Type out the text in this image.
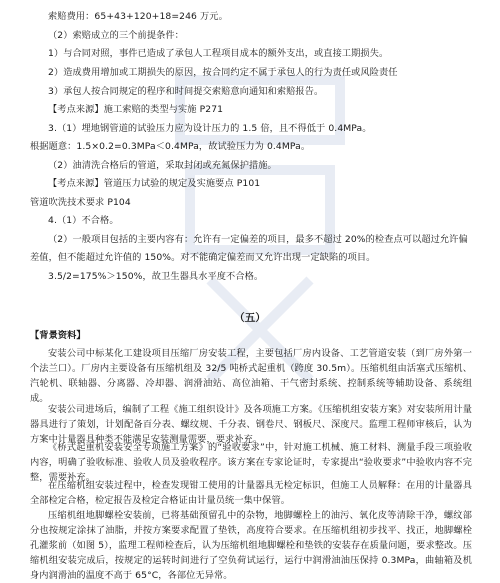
索赔费用：65+43+120+18=246 万元。
（2）索赔成立的三个前提条件：
1）与合同对照，事件已造成了承包人工程项目成本的额外支出，或直接工期损失。
2）造成费用增加或工期损失的原因，按合同约定不属于承包人的行为责任或风险责任
3）承包人按合同规定的程序和时间提交索赔意向通知和索赔报告。
【考点来源】施工索赔的类型与实施 P271
3.（1）埋地钢管道的试验压力应为设计压力的 1.5 倍，且不得低于 0.4MPa。
根据题意：1.5×0.2=0.3MPa＜0.4MPa，故试验压力为 0.4MPa。
（2）油清洗合格后的管道，采取封闭或充氮保护措施。
【考点来源】管道压力试验的规定及实施要点 P101
管道吹洗技术要求 P104
4.（1）不合格。
（2）一般项目包括的主要内容有：允许有一定偏差的项目，最多不超过 20%的检查点可以超过允许偏
差值，但不能超过允许值的 150%。对不能确定偏差而又允许出现一定缺陷的项目。
3.5/2=175%＞150%，故卫生器具水平度不合格。
（五）
【背景资料】
安装公司中标某化工建设项目压缩厂房安装工程，主要包括厂房内设备、工艺管道安装（到厂房外第一个法兰口）。厂房内主要设备有压缩机组及 32/5 吨桥式起重机（跨度 30.5m）。压缩机组由活塞式压缩机、汽轮机、联轴器、分离器、冷却器、润滑油站、高位油箱、干气密封系统、控制系统等辅助设备、系统组成。
安装公司进场后，编制了工程《施工组织设计》及各项施工方案。《压缩机组安装方案》对安装所用计量器具进行了策划，计划配备百分表、螺纹规、千分表、钢卷尺、钢板尺、深度尺。监理工程师审核后，认为方案中计量器具种类不能满足安装测量需要，要求补充。
《桥式起重机安装安全专项施工方案》的“验收要求”中，针对施工机械、施工材料、测量手段三项验收内容，明确了验收标准、验收人员及验收程序。该方案在专家论证时，专家提出“验收要求”中验收内容不完整，需要补充。
在压缩机组安装过程中，检查发现钳工使用的计量器具无检定标识，但施工人员解释：在用的计量器具全部检定合格，检定报告及检定合格证由计量员统一集中保管。
压缩机组地脚螺栓安装前，已将基础预留孔中的杂物，地脚螺栓上的油污、氧化皮等清除干净，螺纹部分也按规定涂抹了油脂，并按方案要求配置了垫铁，高度符合要求。在压缩机组初步找平、找正，地脚螺栓孔灌浆前（如图 5），监理工程师检查后，认为压缩机组地脚螺栓和垫铁的安装存在质量问题，要求整改。压缩机组安装完成后，按规定的运转时间进行了空负荷试运行，运行中润滑油油压保持 0.3MPa，曲轴箱及机身内润滑油的温度不高于 65°C，各部位无异常。
